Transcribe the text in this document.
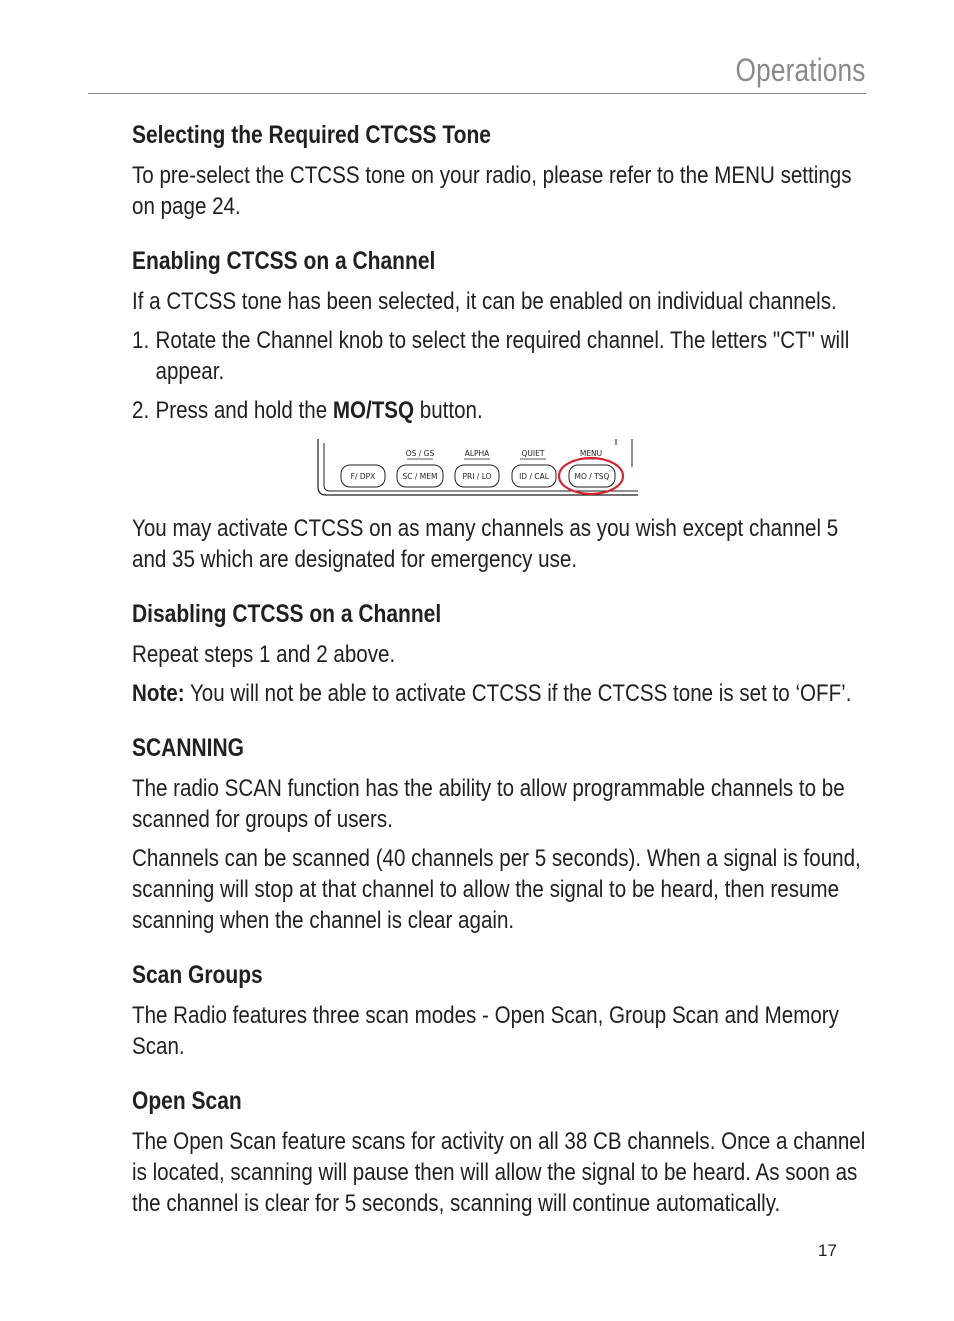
Operations
Selecting the Required CTCSS Tone

To pre-select the CTCSS tone on your radio, please refer to the MENU settings on page 24.

Enabling CTCSS on a Channel

If a CTCSS tone has been selected, it can be enabled on individual channels.

1. Rotate the Channel knob to select the required channel. The letters "CT" will appear.
2. Press and hold the MO/TSQ button.

You may activate CTCSS on as many channels as you wish except channel 5 and 35 which are designated for emergency use.

Disabling CTCSS on a Channel

Repeat steps 1 and 2 above.

Note: You will not be able to activate CTCSS if the CTCSS tone is set to ‘OFF’.

SCANNING

The radio SCAN function has the ability to allow programmable channels to be scanned for groups of users.

Channels can be scanned (40 channels per 5 seconds). When a signal is found, scanning will stop at that channel to allow the signal to be heard, then resume scanning when the channel is clear again.

Scan Groups

The Radio features three scan modes - Open Scan, Group Scan and Memory Scan.

Open Scan

The Open Scan feature scans for activity on all 38 CB channels. Once a channel is located, scanning will pause then will allow the signal to be heard. As soon as the channel is clear for 5 seconds, scanning will continue automatically.

OS / GS	ALPHA	QUIET	MENU
F/ DPX	SC / MEM	PRI / LO	ID / CAL	MO / TSQ
17
